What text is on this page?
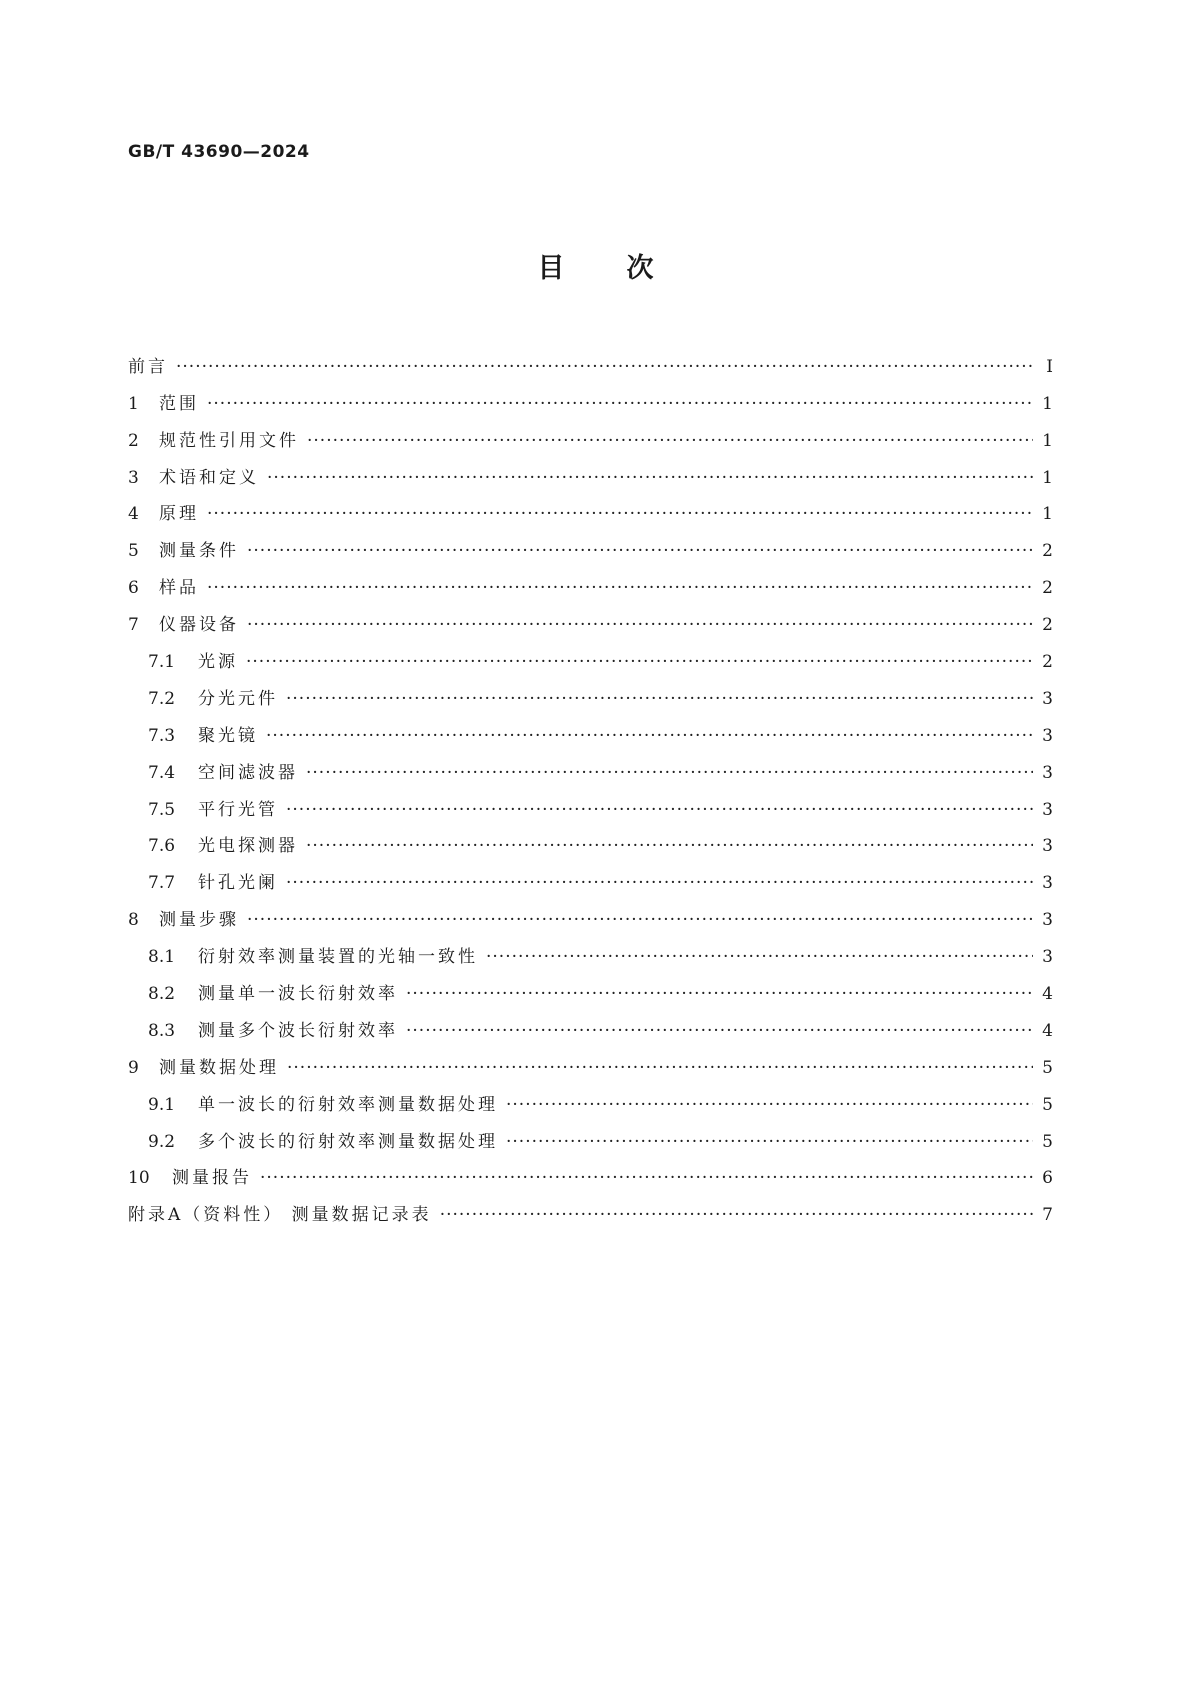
GB/T 43690—2024
目次
前言 ·····	Ⅰ
1	范围 ·····	1
2	规范性引用文件 ·····	1
3	术语和定义 ·····	1
4	原理 ·····	1
5	测量条件 ·····	2
6	样品 ·····	2
7	仪器设备 ·····	2
7.1	光源 ·····	2
7.2	分光元件 ·····	3
7.3	聚光镜 ·····	3
7.4	空间滤波器 ·····	3
7.5	平行光管 ·····	3
7.6	光电探测器 ·····	3
7.7	针孔光阑 ·····	3
8	测量步骤 ·····	3
8.1	衍射效率测量装置的光轴一致性 ·····	3
8.2	测量单一波长衍射效率 ·····	4
8.3	测量多个波长衍射效率 ·····	4
9	测量数据处理 ·····	5
9.1	单一波长的衍射效率测量数据处理 ·····	5
9.2	多个波长的衍射效率测量数据处理 ·····	5
10	测量报告 ·····	6
附录A（资料性） 测量数据记录表 ·····	7
